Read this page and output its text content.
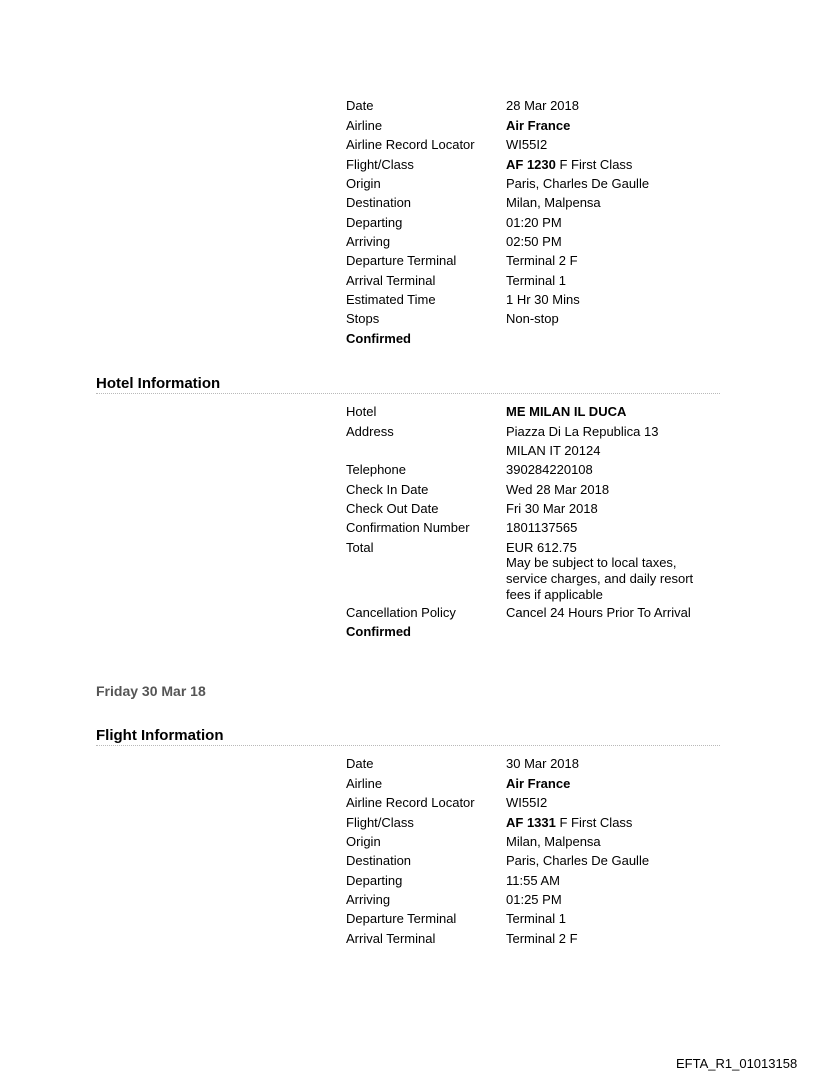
Date	28 Mar 2018
Airline	Air France
Airline Record Locator WI55I2
Flight/Class	AF 1230 F First Class
Origin	Paris, Charles De Gaulle
Destination	Milan, Malpensa
Departing	01:20 PM
Arriving	02:50 PM
Departure Terminal	Terminal 2 F
Arrival Terminal	Terminal 1
Estimated Time	1 Hr 30 Mins
Stops	Non-stop
Confirmed
Hotel Information
Hotel	ME MILAN IL DUCA
Address	Piazza Di La Republica 13
MILAN IT 20124
Telephone	390284220108
Check In Date	Wed 28 Mar 2018
Check Out Date	Fri 30 Mar 2018
Confirmation Number	1801137565
Total	EUR 612.75
May be subject to local taxes, service charges, and daily resort fees if applicable
Cancellation Policy	Cancel 24 Hours Prior To Arrival
Confirmed
Friday 30 Mar 18
Flight Information
Date	30 Mar 2018
Airline	Air France
Airline Record Locator WI55I2
Flight/Class	AF 1331 F First Class
Origin	Milan, Malpensa
Destination	Paris, Charles De Gaulle
Departing	11:55 AM
Arriving	01:25 PM
Departure Terminal	Terminal 1
Arrival Terminal	Terminal 2 F
EFTA_R1_01013158
